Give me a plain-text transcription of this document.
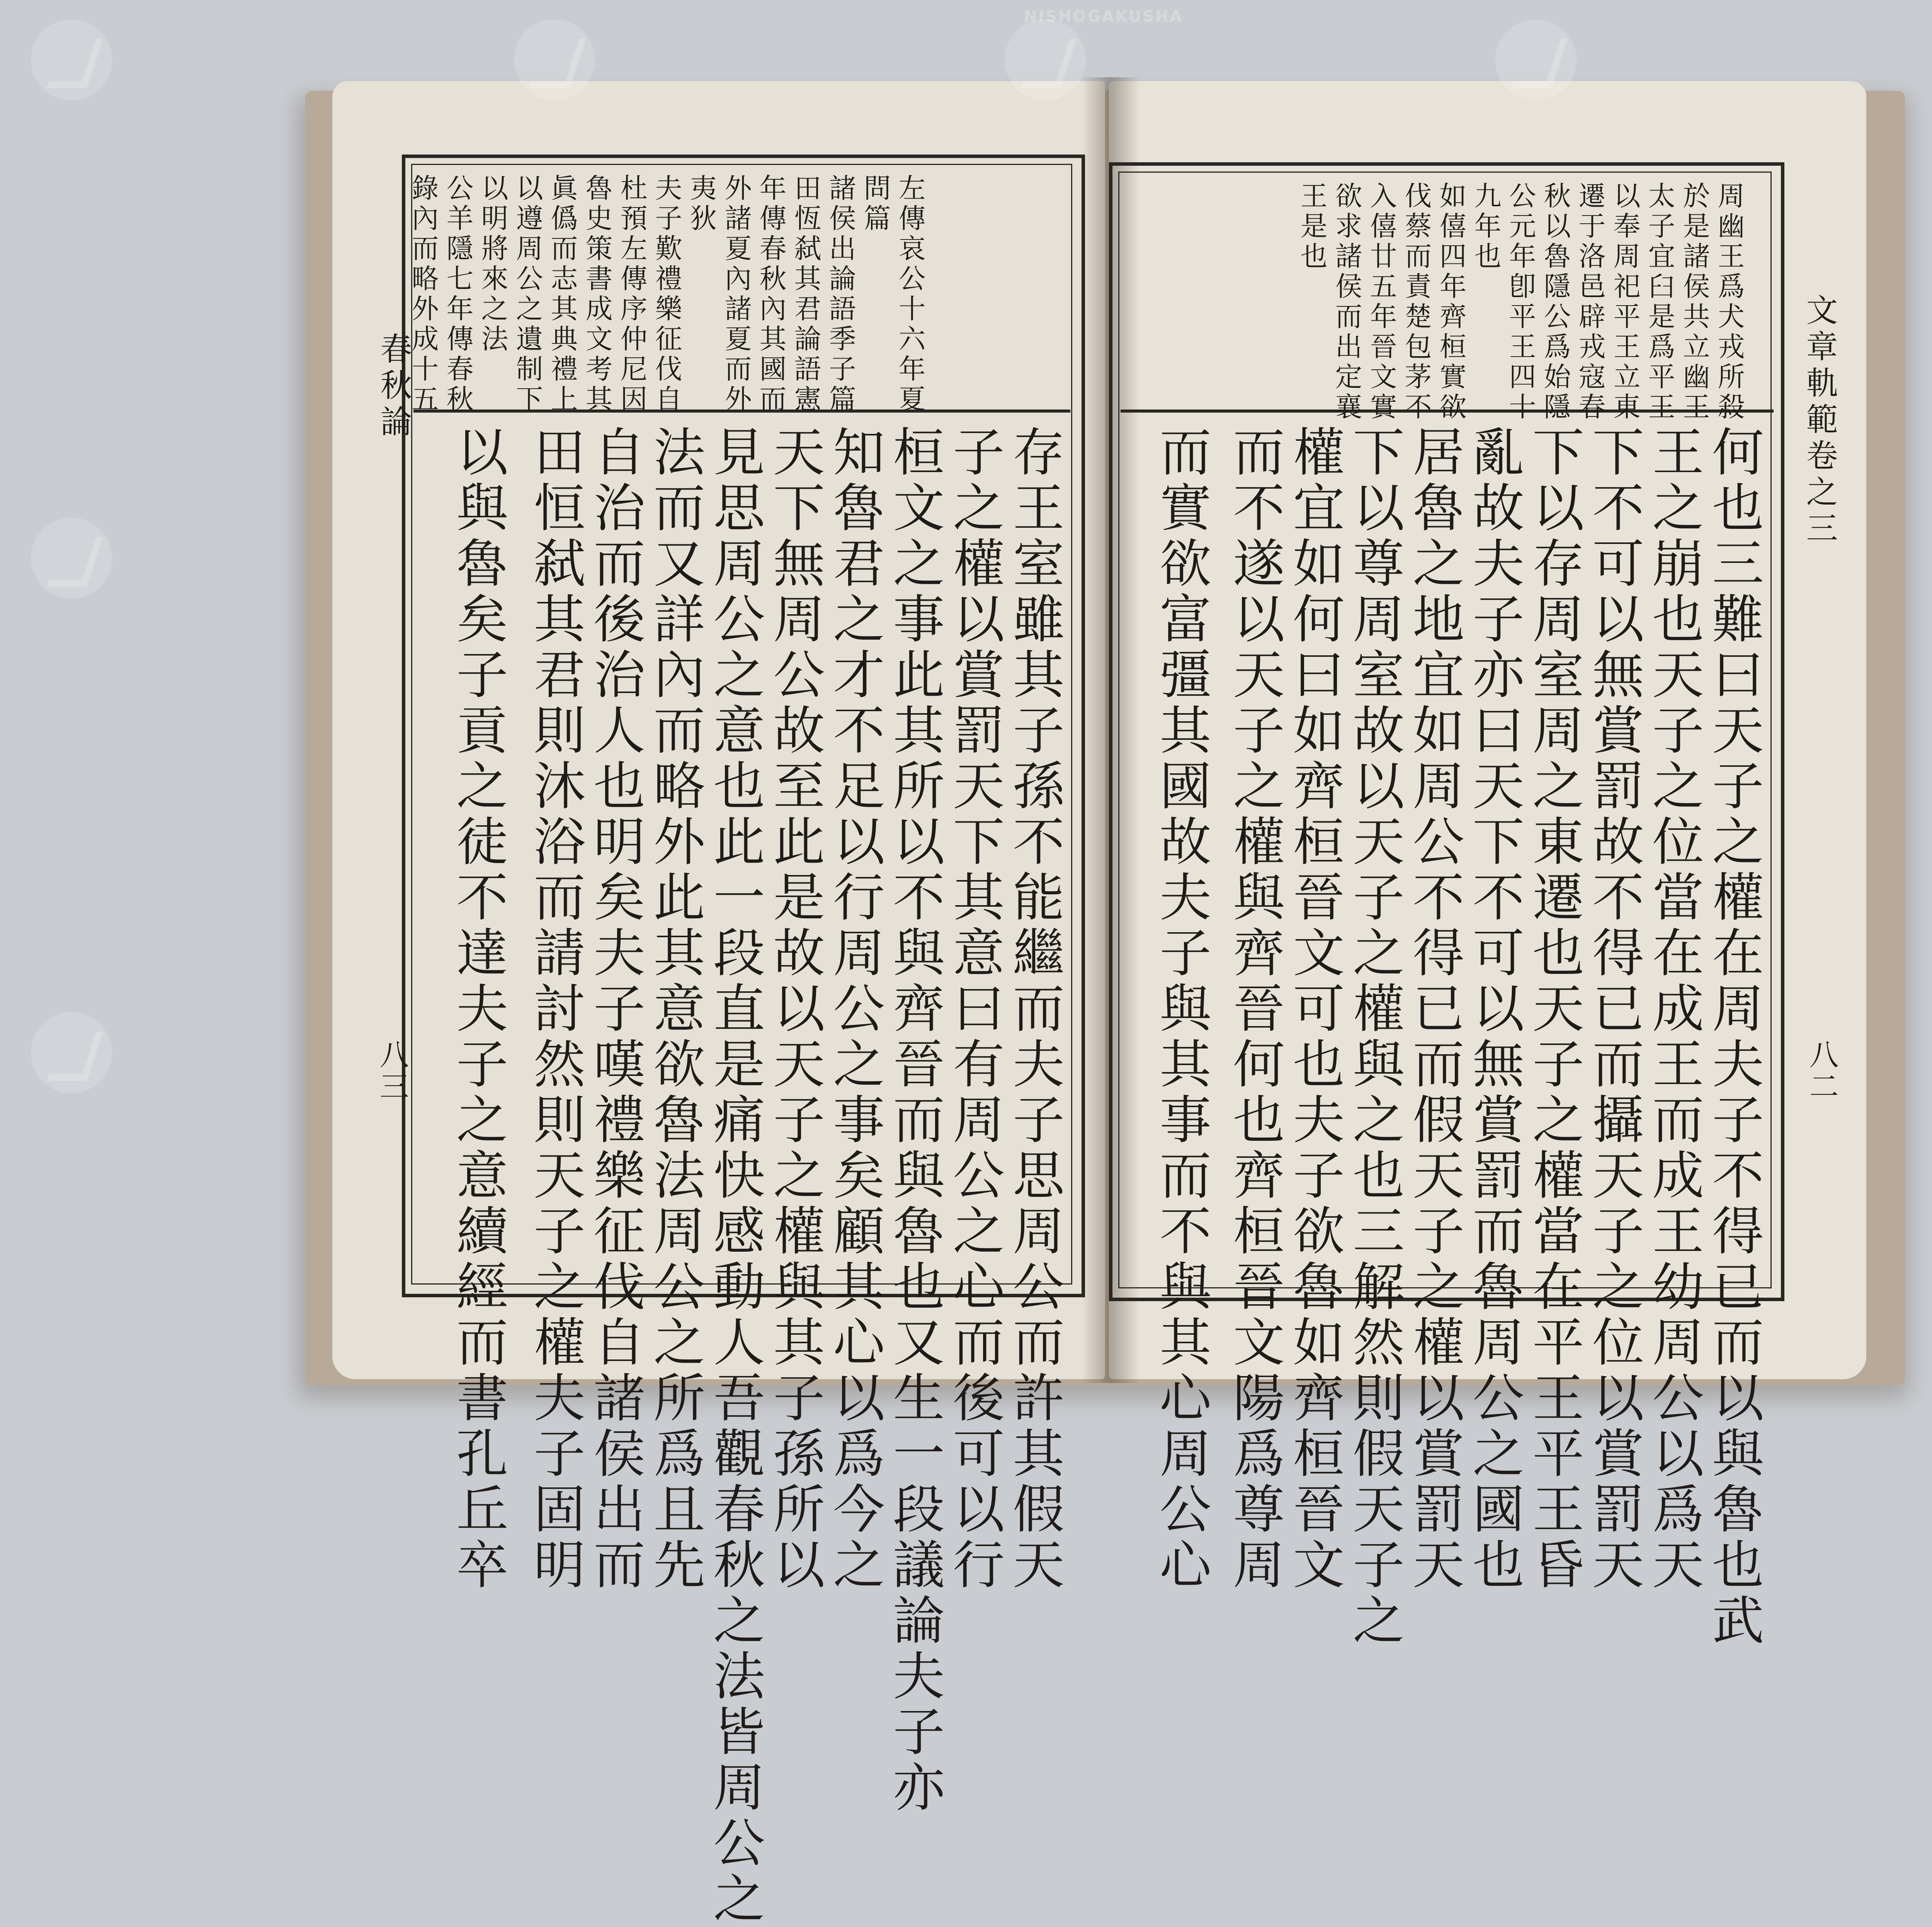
春秋論
八三
杜預左傳序仲尼因
魯史策書成文考其
眞僞而志其典禮上
以遵周公之遺制下
以明將來之法
公羊隱七年傳春秋
錄內而略外成十五	年傳春秋內其國而
外諸夏內諸夏而外
夷狄
夫子歎禮樂征伐自	諸侯出論語季子篇
田恆弑其君論語憲 問篇 左傳哀公十六年夏
存王室雖其子孫不能繼而夫子思周公而許其假天
子之權以賞罰天下其意曰有周公之心而後可以行
桓文之事此其所以不與齊晉而與魯也又生一段議論夫子亦
知魯君之才不足以行周公之事矣顧其心以爲今之
天下無周公故至此是故以天子之權與其子孫所以
見思周公之意也此一段直是痛快感動人吾觀春秋之法皆周公之
法而又詳內而略外此其意欲魯法周公之所爲且先
自治而後治人也明矣夫子嘆禮樂征伐自諸侯出而
田恒弑其君則沐浴而請討然則天子之權夫子固明
以與魯矣子貢之徒不達夫子之意續經而書孔丘卒
文章軌範卷之三
八二
周幽王爲犬戎所殺
於是諸侯共立幽王
太子宜臼是爲平王
以奉周祀平王立東
遷于洛邑辟戎寇春
秋以魯隱公爲始隱
公元年卽平王四十
九年也
如僖四年齊桓實欲
伐蔡而責楚包茅不
入僖廿五年晉文實
欲求諸侯而出定襄
王是也
何也三難曰天子之權在周夫子不得已而以與魯也武
王之崩也天子之位當在成王而成王幼周公以爲天
下不可以無賞罰故不得已而攝天子之位以賞罰天
下以存周室周之東遷也天子之權當在平王平王昏
亂故夫子亦曰天下不可以無賞罰而魯周公之國也
居魯之地宜如周公不得已而假天子之權以賞罰天
下以尊周室故以天子之權與之也三解然則假天子之
權宜如何曰如齊桓晉文可也夫子欲魯如齊桓晉文
而不遂以天子之權與齊晉何也齊桓晉文陽爲尊周
而實欲富彊其國故夫子與其事而不與其心周公心
NISHOGAKUSHA
